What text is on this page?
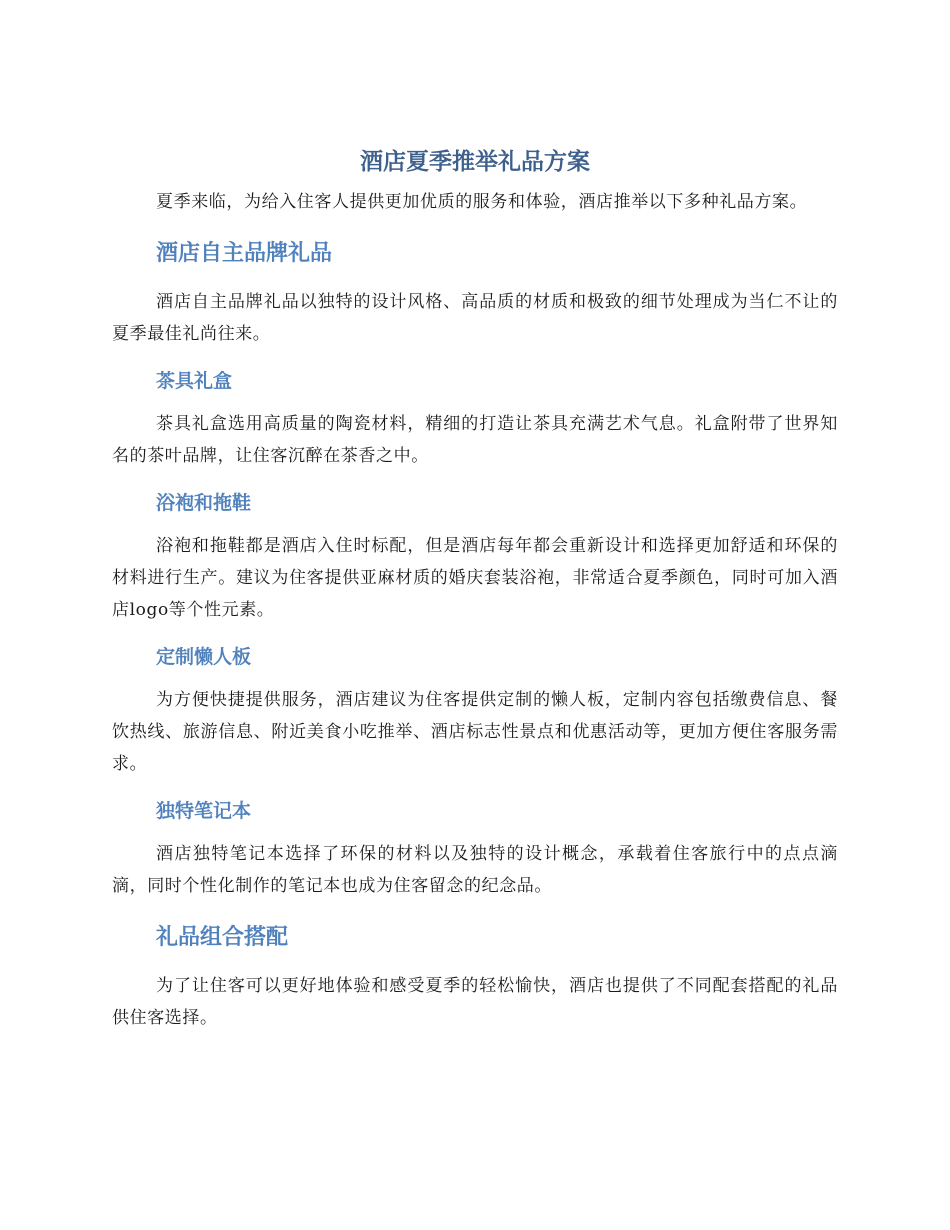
酒店夏季推举礼品方案

夏季来临，为给入住客人提供更加优质的服务和体验，酒店推举以下多种礼品方案。

酒店自主品牌礼品

酒店自主品牌礼品以独特的设计风格、高品质的材质和极致的细节处理成为当仁不让的夏季最佳礼尚往来。

茶具礼盒

茶具礼盒选用高质量的陶瓷材料，精细的打造让茶具充满艺术气息。礼盒附带了世界知名的茶叶品牌，让住客沉醉在茶香之中。

浴袍和拖鞋

浴袍和拖鞋都是酒店入住时标配，但是酒店每年都会重新设计和选择更加舒适和环保的材料进行生产。建议为住客提供亚麻材质的婚庆套装浴袍，非常适合夏季颜色，同时可加入酒店logo等个性元素。

定制懒人板

为方便快捷提供服务，酒店建议为住客提供定制的懒人板，定制内容包括缴费信息、餐饮热线、旅游信息、附近美食小吃推举、酒店标志性景点和优惠活动等，更加方便住客服务需求。

独特笔记本

酒店独特笔记本选择了环保的材料以及独特的设计概念，承载着住客旅行中的点点滴滴，同时个性化制作的笔记本也成为住客留念的纪念品。

礼品组合搭配

为了让住客可以更好地体验和感受夏季的轻松愉快，酒店也提供了不同配套搭配的礼品供住客选择。
